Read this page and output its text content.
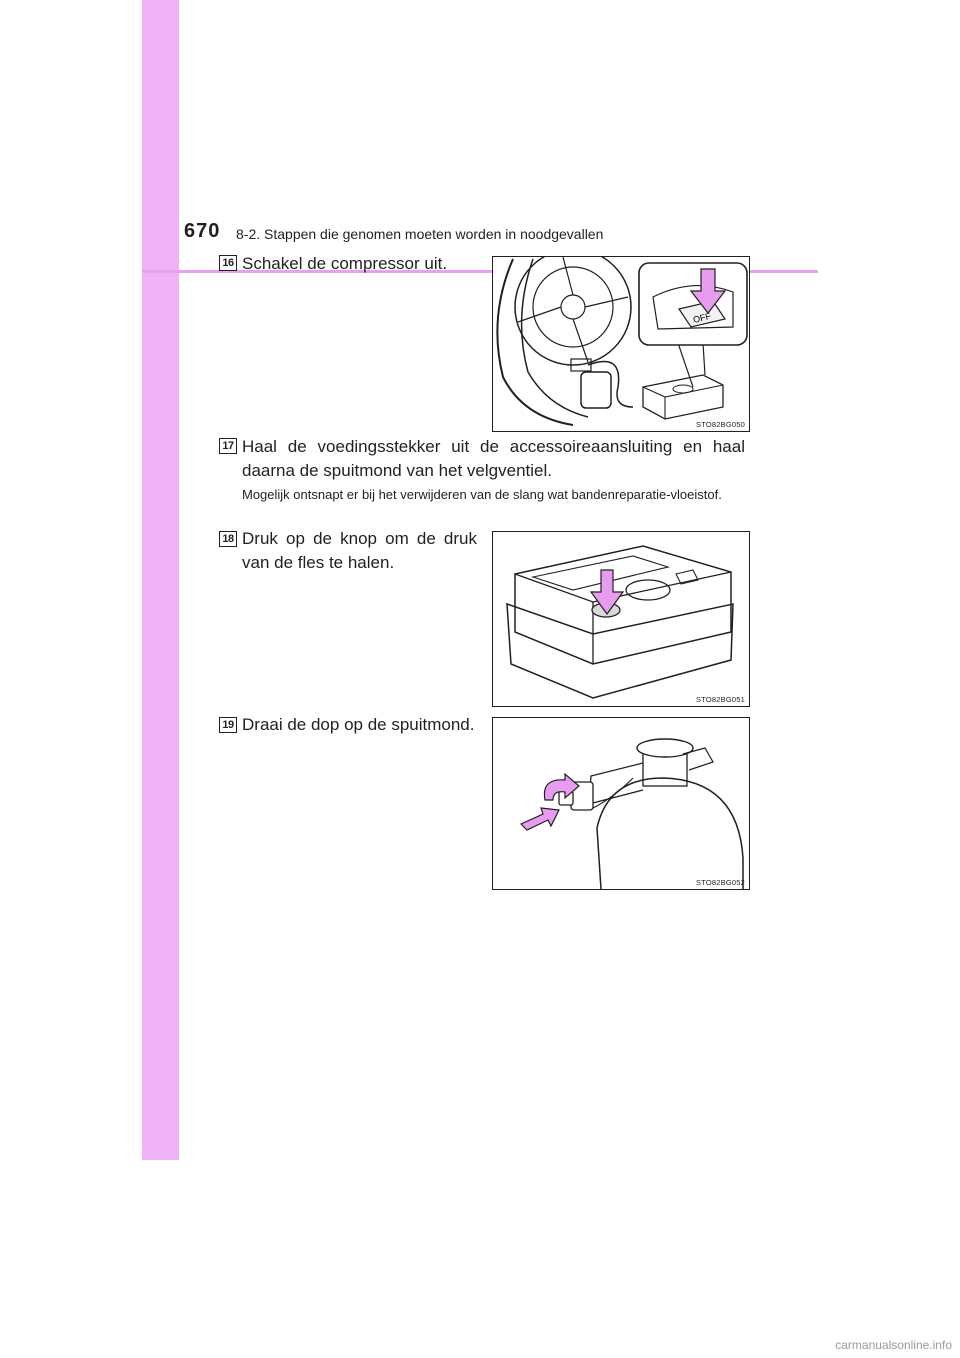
670 8-2. Stappen die genomen moeten worden in noodgevallen
16 Schakel de compressor uit.
OFF
STO82BG050
17 Haal de voedingsstekker uit de accessoireaansluiting en haal daarna de spuitmond van het velgventiel.
Mogelijk ontsnapt er bij het verwijderen van de slang wat bandenreparatie-vloeistof.
18 Druk op de knop om de druk van de fles te halen.
STO82BG051
19 Draai de dop op de spuitmond.
STO82BG052
carmanualsonline.info
